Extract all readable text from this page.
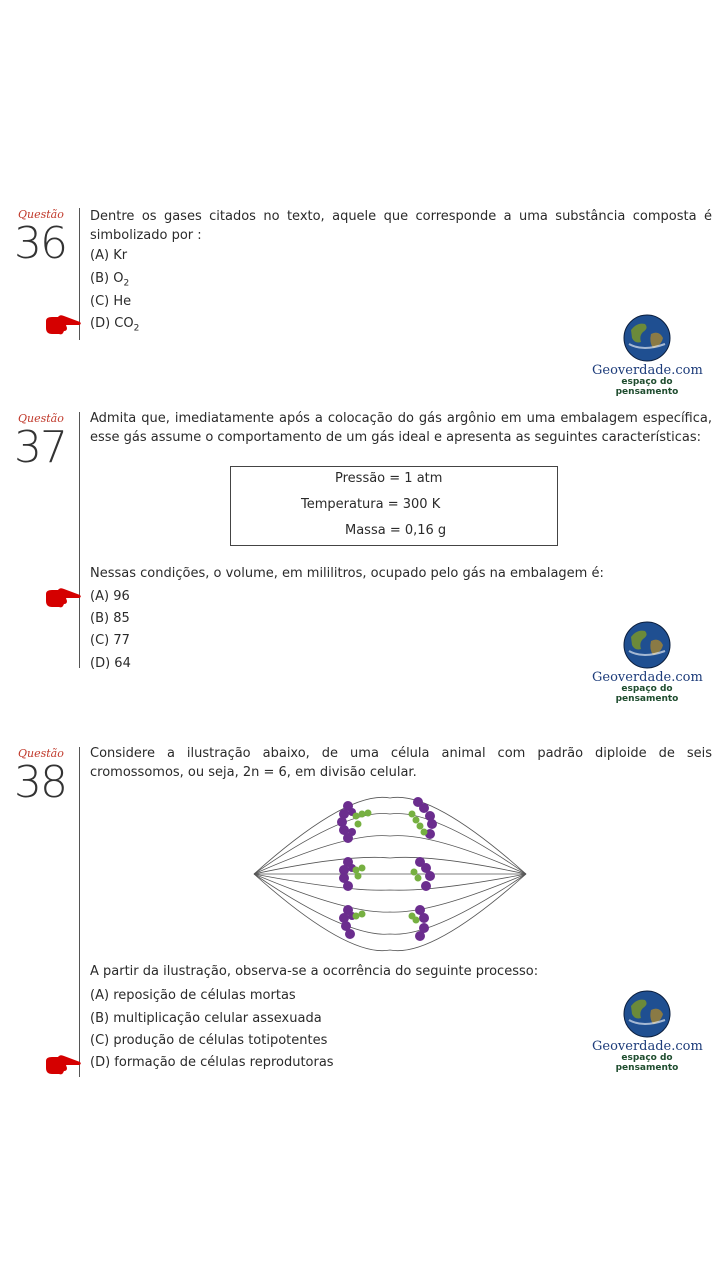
Questão
36
Dentre os gases citados no texto, aquele que corresponde a uma substância composta é simbolizado por :
(A) Kr
(B) $O_2$
(C) He
(D) $CO_2$
Geoverdade.com
espaço do pensamento
Questão
37
Admita que, imediatamente após a colocação do gás argônio em uma embalagem específica, esse gás assume o comportamento de um gás ideal e apresenta as seguintes características:
Pressão = 1 atm
Temperatura = 300 K
Massa = 0,16 g
Nessas condições, o volume, em mililitros, ocupado pelo gás na embalagem é:
(A) 96
(B) 85
(C) 77
(D) 64
Geoverdade.com
espaço do pensamento
Questão
38
Considere a ilustração abaixo, de uma célula animal com padrão diploide de seis cromossomos, ou seja, 2n = 6, em divisão celular.
A partir da ilustração, observa-se a ocorrência do seguinte processo:
(A) reposição de células mortas
(B) multiplicação celular assexuada
(C) produção de células totipotentes
(D) formação de células reprodutoras
Geoverdade.com
espaço do pensamento
